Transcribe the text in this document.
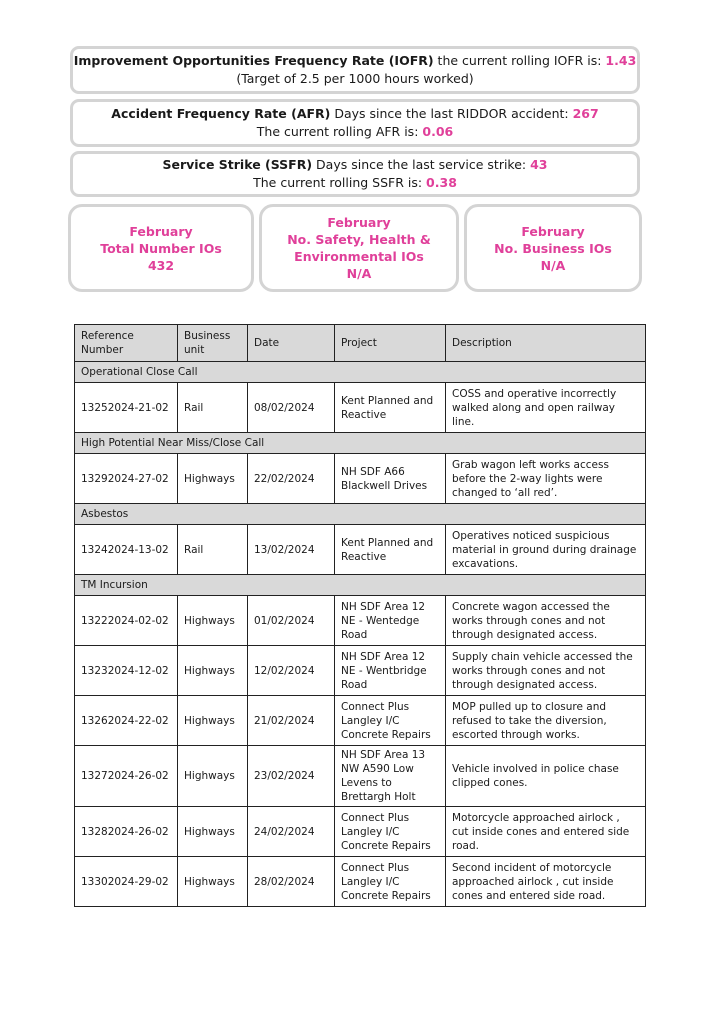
Improvement Opportunities Frequency Rate (IOFR) the current rolling IOFR is: 1.43
(Target of 2.5 per 1000 hours worked)
Accident Frequency Rate (AFR) Days since the last RIDDOR accident: 267
The current rolling AFR is: 0.06
Service Strike (SSFR) Days since the last service strike: 43
The current rolling SSFR is: 0.38
February
Total Number IOs
432
February
No. Safety, Health &
Environmental IOs
N/A
February
No. Business IOs
N/A
Reference Number	Business unit	Date	Project	Description
Operational Close Call				
13252024-21-02	Rail	08/02/2024	Kent Planned and Reactive	COSS and operative incorrectly walked along and open railway line.
High Potential Near Miss/Close Call				
13292024-27-02	Highways	22/02/2024	NH SDF A66 Blackwell Drives	Grab wagon left works access before the 2-way lights were changed to ‘all red’.
Asbestos				
13242024-13-02	Rail	13/02/2024	Kent Planned and Reactive	Operatives noticed suspicious material in ground during drainage excavations.
TM Incursion				
13222024-02-02	Highways	01/02/2024	NH SDF Area 12 NE - Wentedge Road	Concrete wagon accessed the works through cones and not through designated access.
13232024-12-02	Highways	12/02/2024	NH SDF Area 12 NE - Wentbridge Road	Supply chain vehicle accessed the works through cones and not through designated access.
13262024-22-02	Highways	21/02/2024	Connect Plus Langley I/C Concrete Repairs	MOP pulled up to closure and refused to take the diversion, escorted through works.
13272024-26-02	Highways	23/02/2024	NH SDF Area 13 NW A590 Low Levens to Brettargh Holt	Vehicle involved in police chase clipped cones.
13282024-26-02	Highways	24/02/2024	Connect Plus Langley I/C Concrete Repairs	Motorcycle approached airlock , cut inside cones and entered side road.
13302024-29-02	Highways	28/02/2024	Connect Plus Langley I/C Concrete Repairs	Second incident of motorcycle approached airlock , cut inside cones and entered side road.
